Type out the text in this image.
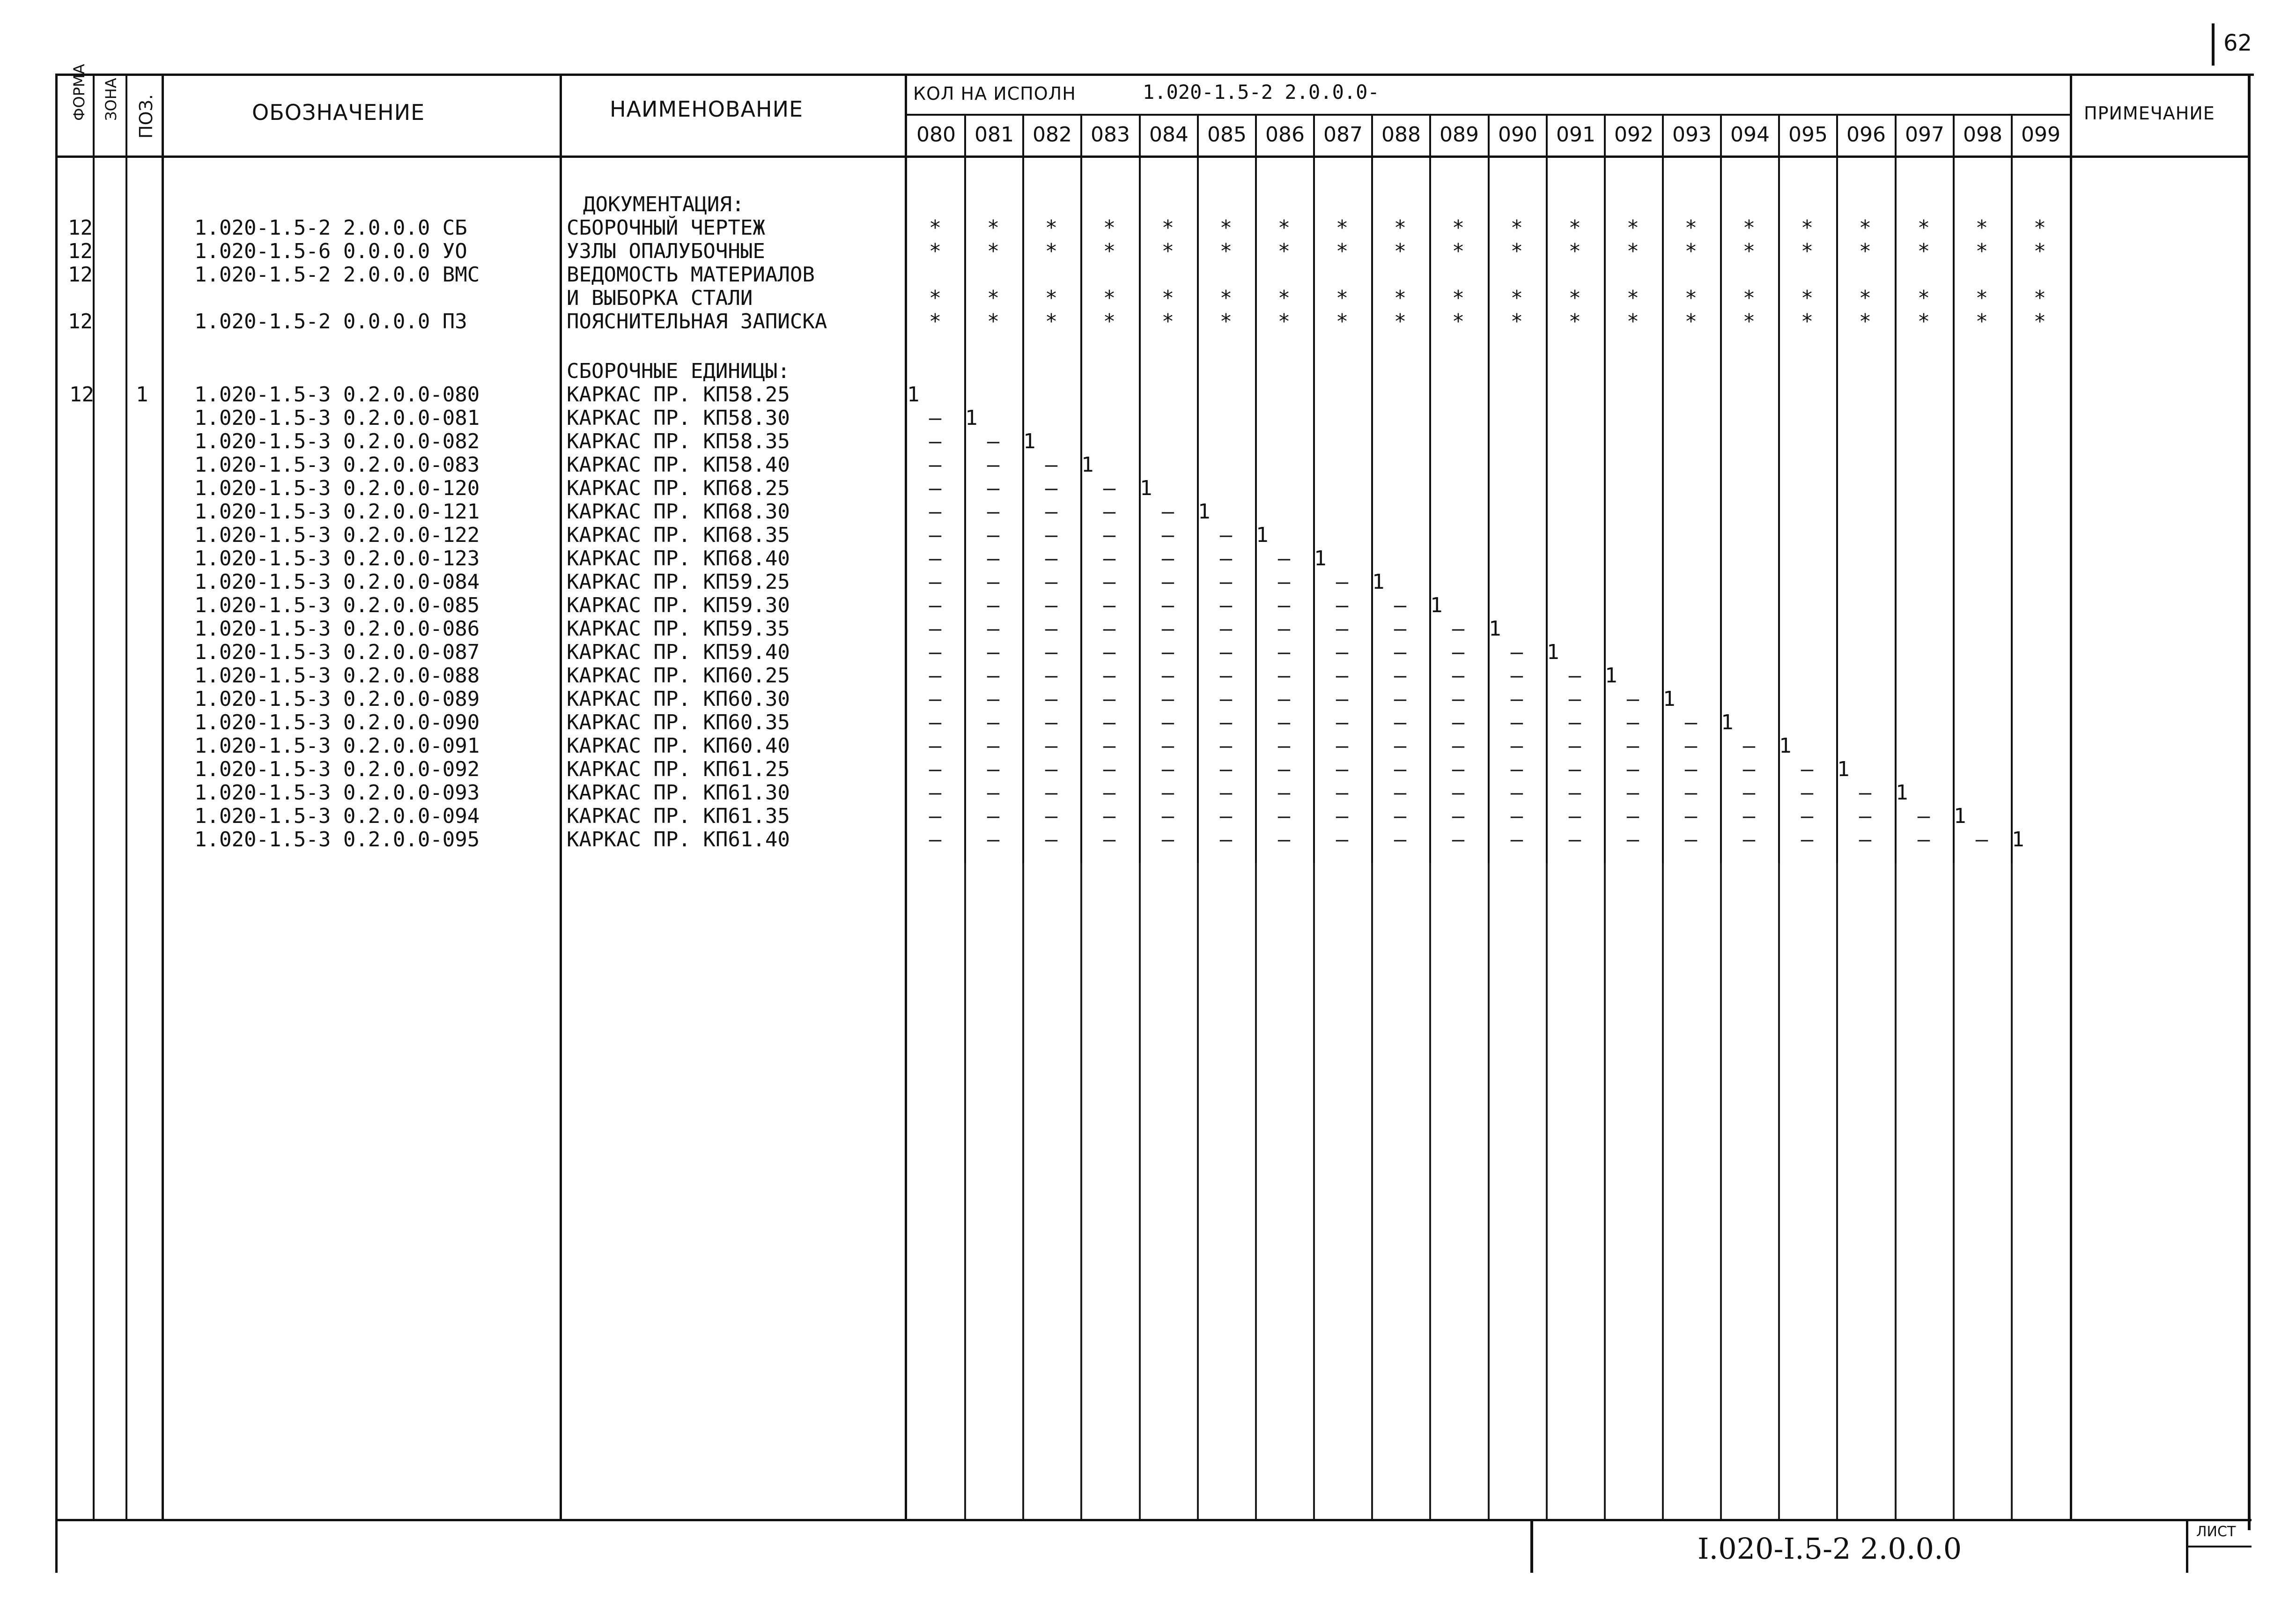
62
ФОРМА ЗОНА ПОЗ.	ОБОЗНАЧЕНИЕ	НАИМЕНОВАНИЕ
КОЛ НА ИСПОЛН	1.020-1.5-2 2.0.0.0-
ПРИМЕЧАНИЕ
080 081 082 083 084 085 086 087 088 089 090 091 092 093 094 095 096 097 098 099
ДОКУМЕНТАЦИЯ:
12	1.020-1.5-2 2.0.0.0 СБ	СБОРОЧНЫЙ ЧЕРТЕЖ	*	*	*	*	*	*	*	*	*	*	*	*	*	*	*	*	*	*	*	*
12	1.020-1.5-6 0.0.0.0 УО	УЗЛЫ ОПАЛУБОЧНЫЕ	*	*	*	*	*	*	*	*	*	*	*	*	*	*	*	*	*	*	*	*
12	1.020-1.5-2 2.0.0.0 ВМС	ВЕДОМОСТЬ МАТЕРИАЛОВ
И ВЫБОРКА СТАЛИ	*	*	*	*	*	*	*	*	*	*	*	*	*	*	*	*	*	*	*	*
12	1.020-1.5-2 0.0.0.0 ПЗ	ПОЯСНИТЕЛЬНАЯ ЗАПИСКА	*	*	*	*	*	*	*	*	*	*	*	*	*	*	*	*	*	*	*	*
СБОРОЧНЫЕ ЕДИНИЦЫ:
12 1 1.020-1.5-3 0.2.0.0-080	КАРКАС ПР. КП58.25	1
1.020-1.5-3 0.2.0.0-081	КАРКАС ПР. КП58.30	–	1
1.020-1.5-3 0.2.0.0-082	КАРКАС ПР. КП58.35	–	–	1
1.020-1.5-3 0.2.0.0-083	КАРКАС ПР. КП58.40	–	–	–	1
1.020-1.5-3 0.2.0.0-120	КАРКАС ПР. КП68.25	–	–	–	–	1
1.020-1.5-3 0.2.0.0-121	КАРКАС ПР. КП68.30	–	–	–	–	–	1
1.020-1.5-3 0.2.0.0-122	КАРКАС ПР. КП68.35	–	–	–	–	–	–	1
1.020-1.5-3 0.2.0.0-123	КАРКАС ПР. КП68.40	–	–	–	–	–	–	–	1
1.020-1.5-3 0.2.0.0-084	КАРКАС ПР. КП59.25	–	–	–	–	–	–	–	–	1
1.020-1.5-3 0.2.0.0-085	КАРКАС ПР. КП59.30	–	–	–	–	–	–	–	–	–	1
1.020-1.5-3 0.2.0.0-086	КАРКАС ПР. КП59.35	–	–	–	–	–	–	–	–	–	–	1
1.020-1.5-3 0.2.0.0-087	КАРКАС ПР. КП59.40	–	–	–	–	–	–	–	–	–	–	–	1
1.020-1.5-3 0.2.0.0-088	КАРКАС ПР. КП60.25	–	–	–	–	–	–	–	–	–	–	–	–	1
1.020-1.5-3 0.2.0.0-089	КАРКАС ПР. КП60.30	–	–	–	–	–	–	–	–	–	–	–	–	–	1
1.020-1.5-3 0.2.0.0-090	КАРКАС ПР. КП60.35	–	–	–	–	–	–	–	–	–	–	–	–	–	–	1
1.020-1.5-3 0.2.0.0-091	КАРКАС ПР. КП60.40	–	–	–	–	–	–	–	–	–	–	–	–	–	–	–	1
1.020-1.5-3 0.2.0.0-092	КАРКАС ПР. КП61.25	–	–	–	–	–	–	–	–	–	–	–	–	–	–	–	–	1
1.020-1.5-3 0.2.0.0-093	КАРКАС ПР. КП61.30	–	–	–	–	–	–	–	–	–	–	–	–	–	–	–	–	–	1
1.020-1.5-3 0.2.0.0-094	КАРКАС ПР. КП61.35	–	–	–	–	–	–	–	–	–	–	–	–	–	–	–	–	–	–	1
1.020-1.5-3 0.2.0.0-095	КАРКАС ПР. КП61.40	–	–	–	–	–	–	–	–	–	–	–	–	–	–	–	–	–	–	–	1
I.020-I.5-2 2.0.0.0	ЛИСТ
